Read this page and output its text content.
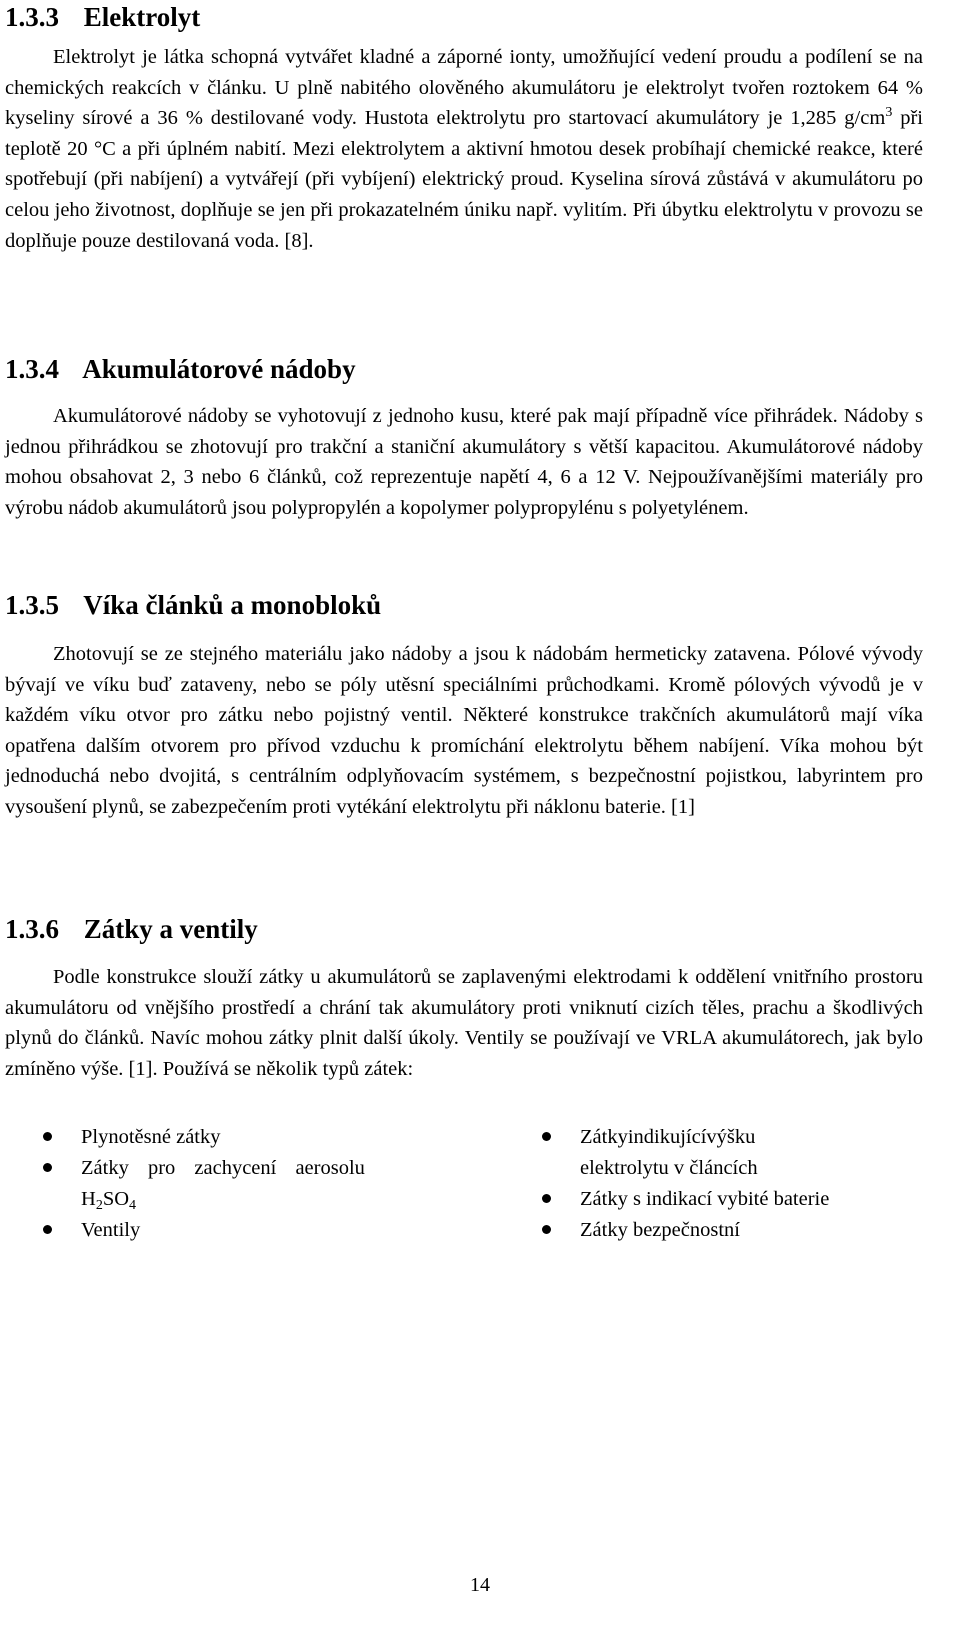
1.3.3 Elektrolyt

Elektrolyt je látka schopná vytvářet kladné a záporné ionty, umožňující vedení proudu a podílení se na chemických reakcích v článku. U plně nabitého olověného akumulátoru je elektrolyt tvořen roztokem 64 % kyseliny sírové a 36 % destilované vody. Hustota elektrolytu pro startovací akumulátory je 1,285 $g/cm^3$ při teplotě 20 °C a při úplném nabití. Mezi elektrolytem a aktivní hmotou desek probíhají chemické reakce, které spotřebují (při nabíjení) a vytvářejí (při vybíjení) elektrický proud. Kyselina sírová zůstává v akumulátoru po celou jeho životnost, doplňuje se jen při prokazatelném úniku např. vylitím. Při úbytku elektrolytu v provozu se doplňuje pouze destilovaná voda. [8].

1.3.4 Akumulátorové nádoby

Akumulátorové nádoby se vyhotovují z jednoho kusu, které pak mají případně více přihrádek. Nádoby s jednou přihrádkou se zhotovují pro trakční a staniční akumulátory s větší kapacitou. Akumulátorové nádoby mohou obsahovat 2, 3 nebo 6 článků, což reprezentuje napětí 4, 6 a 12 V. Nejpoužívanějšími materiály pro výrobu nádob akumulátorů jsou polypropylén a kopolymer polypropylénu s polyetylénem.

1.3.5 Víka článků a monobloků

Zhotovují se ze stejného materiálu jako nádoby a jsou k nádobám hermeticky zatavena. Pólové vývody bývají ve víku buď zataveny, nebo se póly utěsní speciálními průchodkami. Kromě pólových vývodů je v každém víku otvor pro zátku nebo pojistný ventil. Některé konstrukce trakčních akumulátorů mají víka opatřena dalším otvorem pro přívod vzduchu k promíchání elektrolytu během nabíjení. Víka mohou být jednoduchá nebo dvojitá, s centrálním odplyňovacím systémem, s bezpečnostní pojistkou, labyrintem pro vysoušení plynů, se zabezpečením proti vytékání elektrolytu při náklonu baterie. [1]

1.3.6 Zátky a ventily

Podle konstrukce slouží zátky u akumulátorů se zaplavenými elektrodami k oddělení vnitřního prostoru akumulátoru od vnějšího prostředí a chrání tak akumulátory proti vniknutí cizích těles, prachu a škodlivých plynů do článků. Navíc mohou zátky plnit další úkoly. Ventily se používají ve VRLA akumulátorech, jak bylo zmíněno výše. [1]. Používá se několik typů zátek:

Plynotěsné zátky
Zátky pro zachycení aerosolu
$H_2SO_4$
Ventily
Zátkyindikujícívýšku
elektrolytu v článcích
Zátky s indikací vybité baterie
Zátky bezpečnostní
14
